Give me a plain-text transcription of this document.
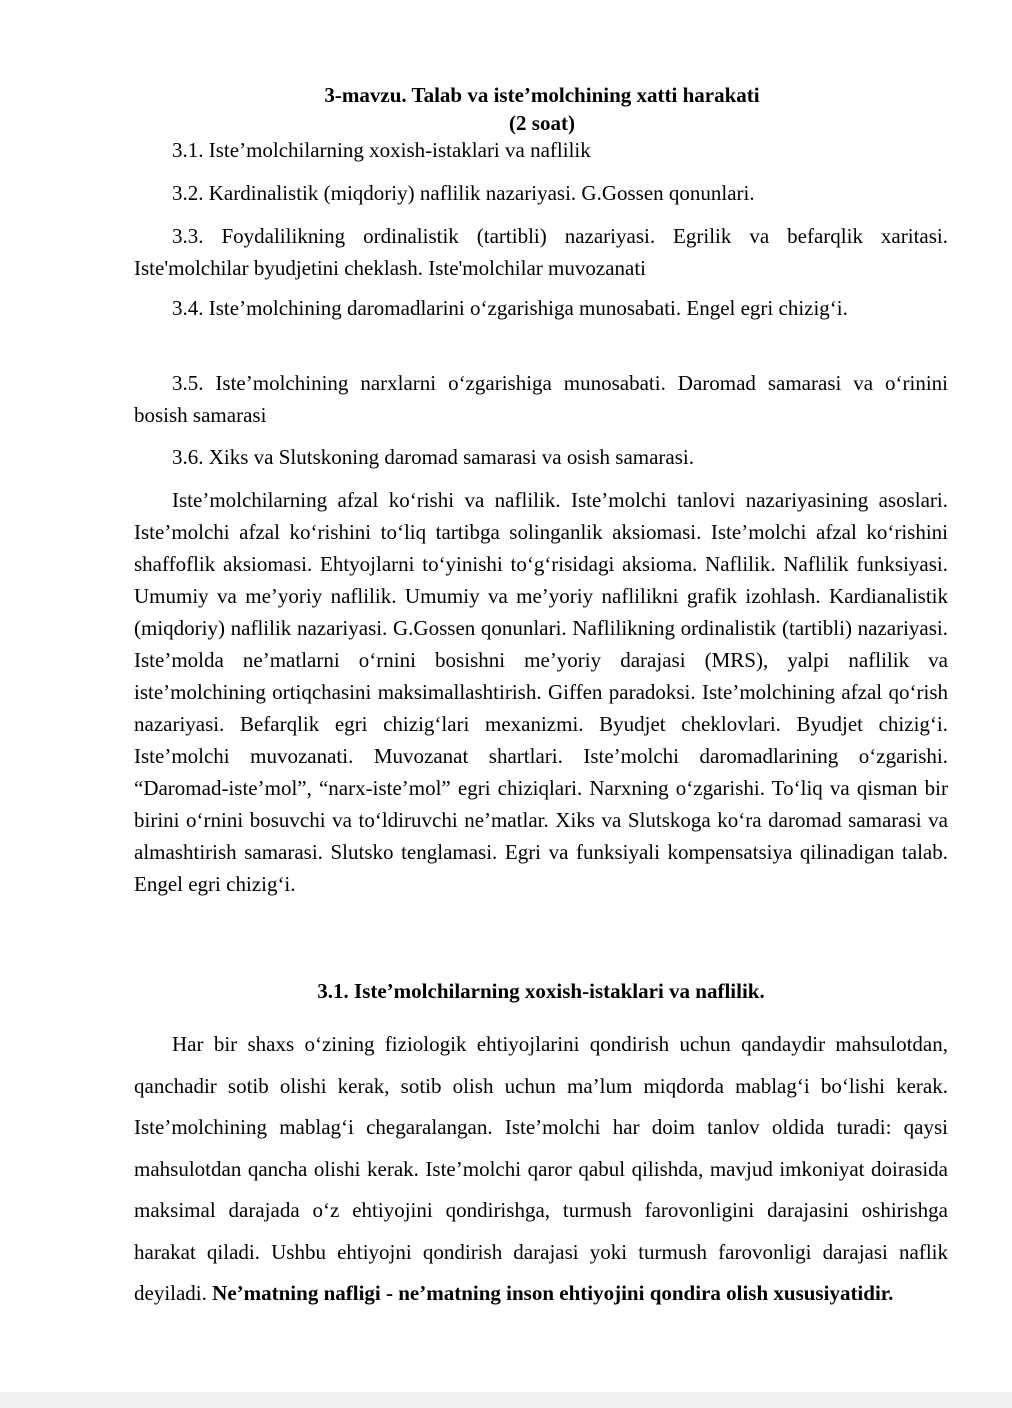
3-mavzu. Talab va iste’molchining xatti harakati
(2 soat)

3.1. Iste’molchilarning xoxish-istaklari va naflilik

3.2. Kardinalistik (miqdoriy) naflilik nazariyasi. G.Gossen qonunlari.

3.3. Foydalilikning ordinalistik (tartibli) nazariyasi. Egrilik va befarqlik xaritasi. Iste'molchilar byudjetini cheklash. Iste'molchilar muvozanati

3.4. Iste’molchining daromadlarini o‘zgarishiga munosabati. Engel egri chizig‘i.

3.5. Iste’molchining narxlarni o‘zgarishiga munosabati. Daromad samarasi va o‘rinini bosish samarasi

3.6. Xiks va Slutskoning daromad samarasi va osish samarasi.

Iste’molchilarning afzal ko‘rishi va naflilik. Iste’molchi tanlovi nazariyasining asoslari. Iste’molchi afzal ko‘rishini to‘liq tartibga solinganlik aksiomasi. Iste’molchi afzal ko‘rishini shaffoflik aksiomasi. Ehtyojlarni to‘yinishi to‘g‘risidagi aksioma. Naflilik. Naflilik funksiyasi. Umumiy va me’yoriy naflilik. Umumiy va me’yoriy naflilikni grafik izohlash. Kardianalistik (miqdoriy) naflilik nazariyasi. G.Gossen qonunlari. Naflilikning ordinalistik (tartibli) nazariyasi. Iste’molda ne’matlarni o‘rnini bosishni me’yoriy darajasi (MRS), yalpi naflilik va iste’molchining ortiqchasini maksimallashtirish. Giffen paradoksi. Iste’molchining afzal qo‘rish nazariyasi. Befarqlik egri chizig‘lari mexanizmi. Byudjet cheklovlari. Byudjet chizig‘i. Iste’molchi muvozanati. Muvozanat shartlari. Iste’molchi daromadlarining o‘zgarishi. “Daromad-iste’mol”, “narx-iste’mol” egri chiziqlari. Narxning o‘zgarishi. To‘liq va qisman bir birini o‘rnini bosuvchi va to‘ldiruvchi ne’matlar. Xiks va Slutskoga ko‘ra daromad samarasi va almashtirish samarasi. Slutsko tenglamasi. Egri va funksiyali kompensatsiya qilinadigan talab. Engel egri chizig‘i.

3.1. Iste’molchilarning xoxish-istaklari va naflilik.

Har bir shaxs o‘zining fiziologik ehtiyojlarini qondirish uchun qandaydir mahsulotdan, qanchadir sotib olishi kerak, sotib olish uchun ma’lum miqdorda mablag‘i bo‘lishi kerak. Iste’molchining mablag‘i chegaralangan. Iste’molchi har doim tanlov oldida turadi: qaysi mahsulotdan qancha olishi kerak. Iste’molchi qaror qabul qilishda, mavjud imkoniyat doirasida maksimal darajada o‘z ehtiyojini qondirishga, turmush farovonligini darajasini oshirishga harakat qiladi. Ushbu ehtiyojni qondirish darajasi yoki turmush farovonligi darajasi naflik deyiladi. Ne’matning nafligi - ne’matning inson ehtiyojini qondira olish xususiyatidir.
